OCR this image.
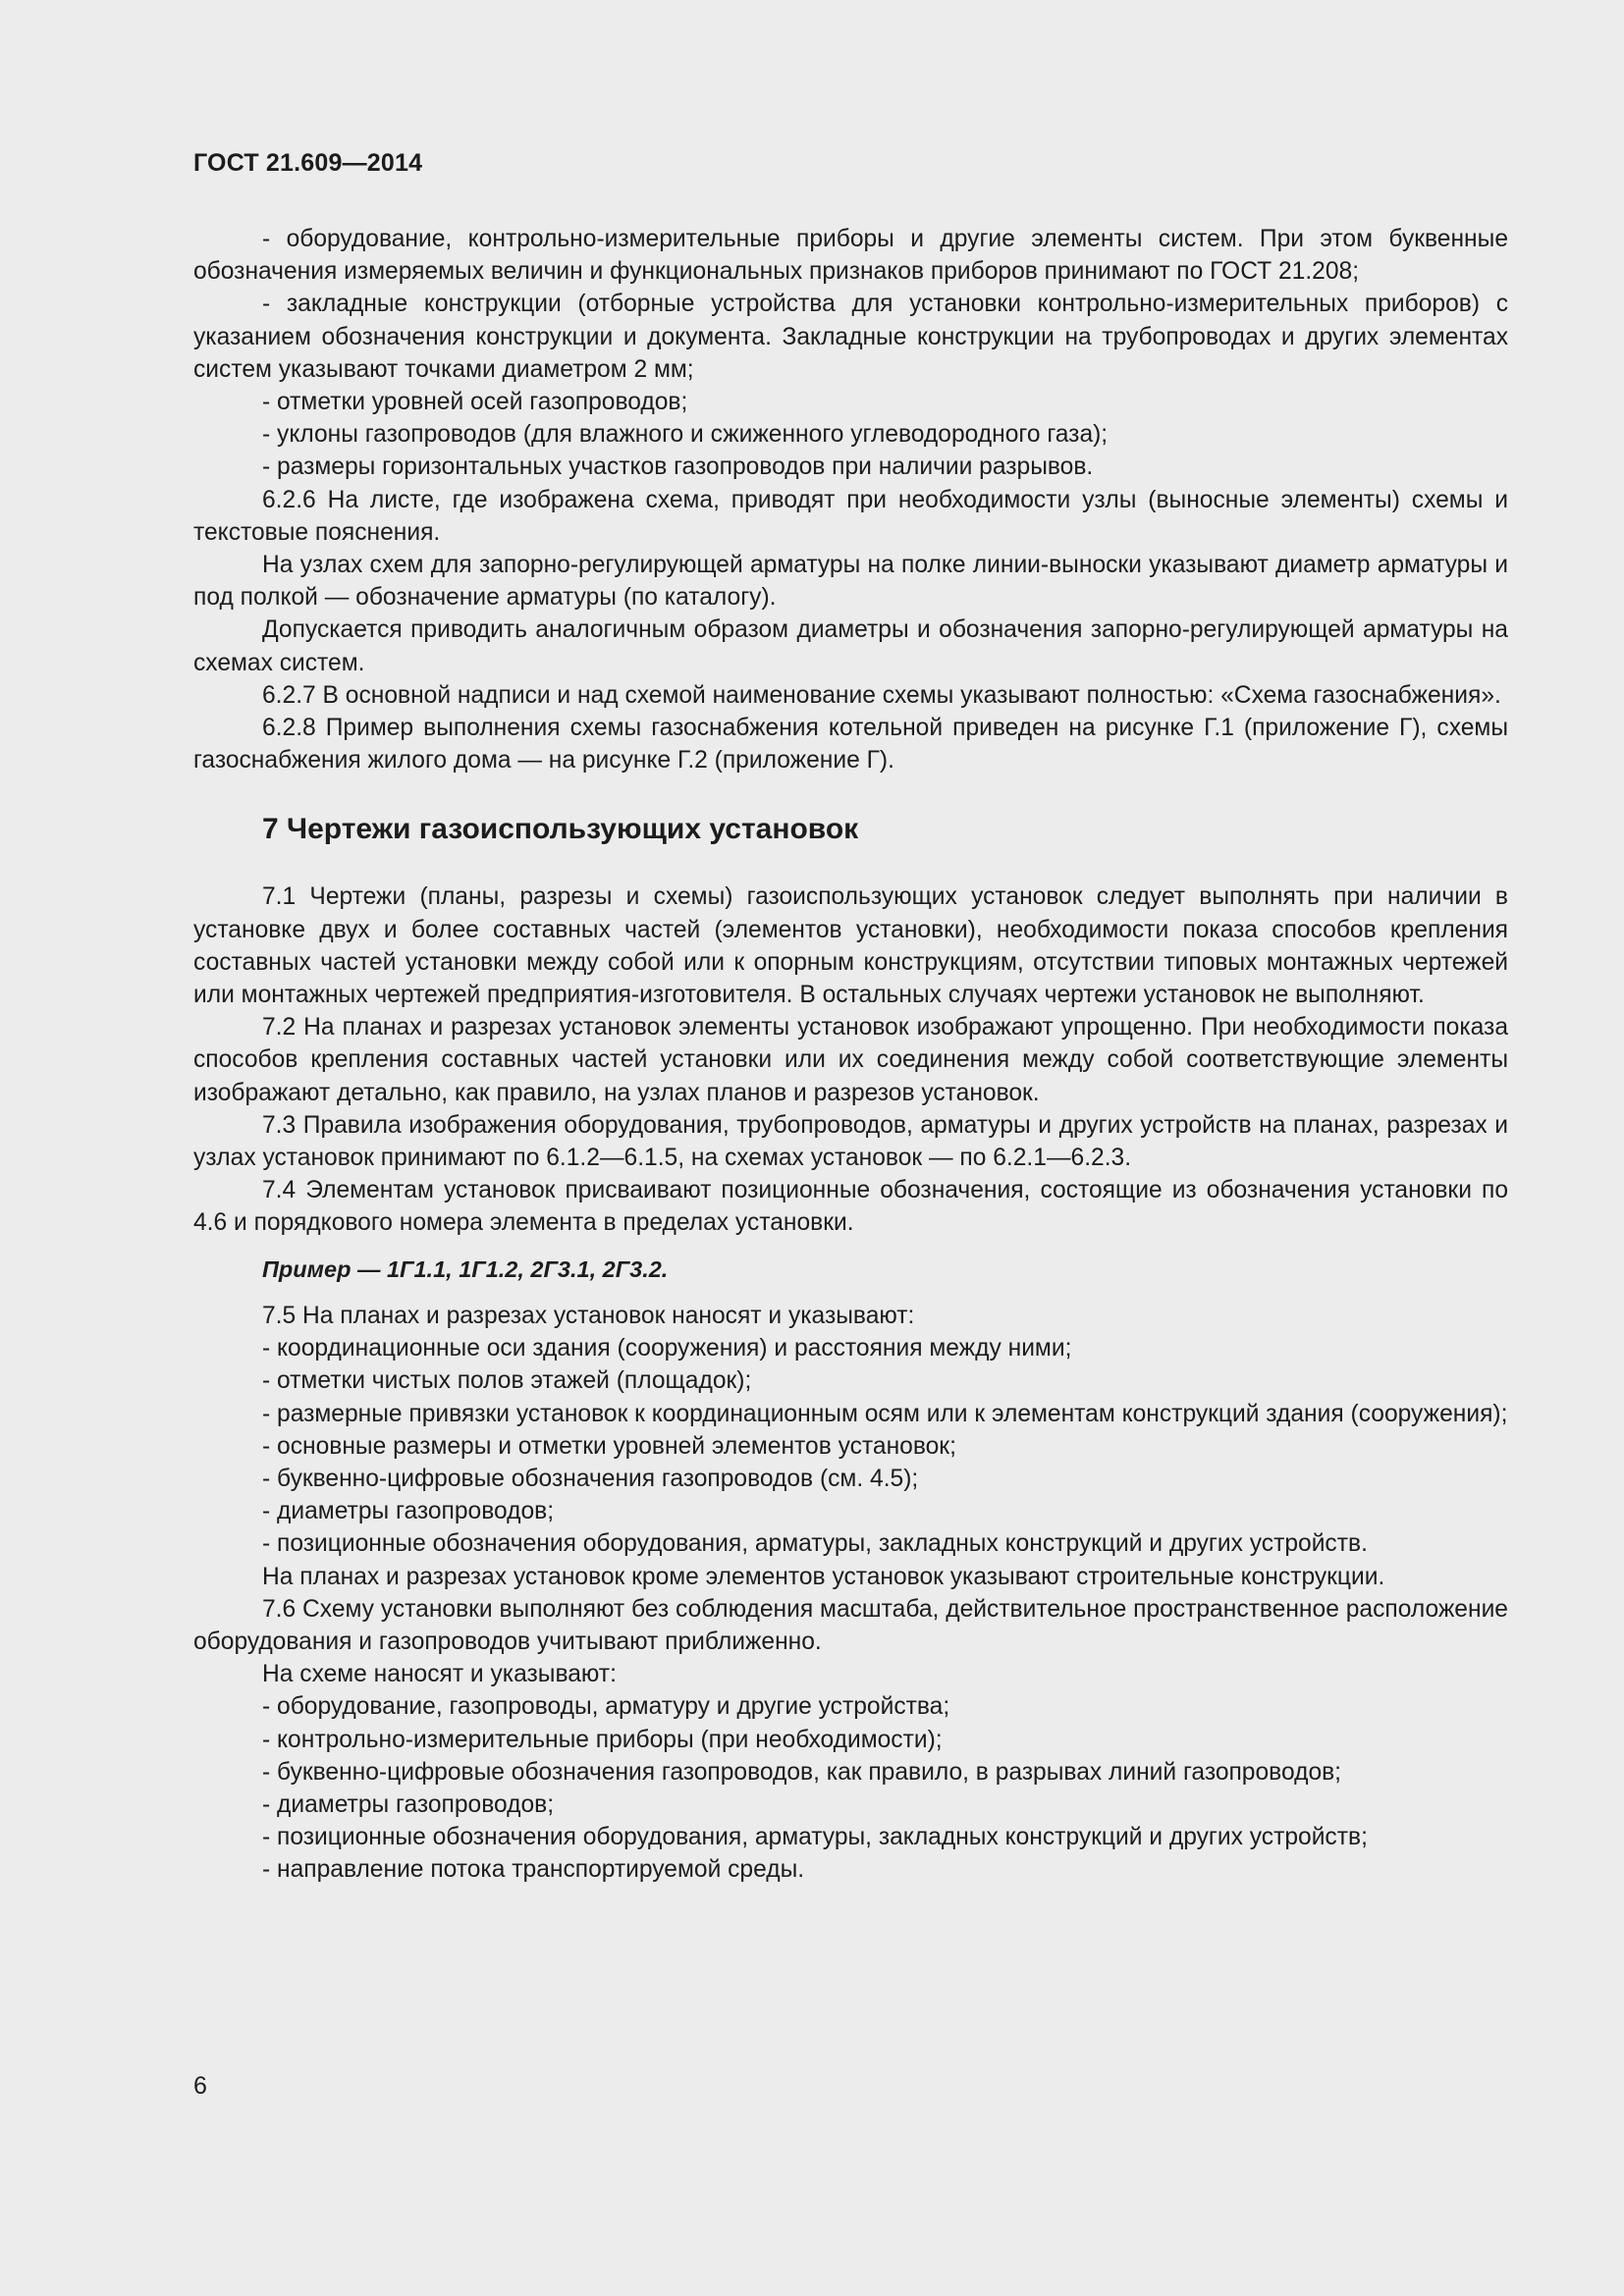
ГОСТ 21.609—2014

- оборудование, контрольно-измерительные приборы и другие элементы систем. При этом буквенные обозначения измеряемых величин и функциональных признаков приборов принимают по ГОСТ 21.208;

- закладные конструкции (отборные устройства для установки контрольно-измерительных приборов) с указанием обозначения конструкции и документа. Закладные конструкции на трубопроводах и других элементах систем указывают точками диаметром 2 мм;

- отметки уровней осей газопроводов;

- уклоны газопроводов (для влажного и сжиженного углеводородного газа);

- размеры горизонтальных участков газопроводов при наличии разрывов.

6.2.6 На листе, где изображена схема, приводят при необходимости узлы (выносные элементы) схемы и текстовые пояснения.

На узлах схем для запорно-регулирующей арматуры на полке линии-выноски указывают диаметр арматуры и под полкой — обозначение арматуры (по каталогу).

Допускается приводить аналогичным образом диаметры и обозначения запорно-регулирующей арматуры на схемах систем.

6.2.7 В основной надписи и над схемой наименование схемы указывают полностью: «Схема газоснабжения».

6.2.8 Пример выполнения схемы газоснабжения котельной приведен на рисунке Г.1 (приложение Г), схемы газоснабжения жилого дома — на рисунке Г.2 (приложение Г).

7 Чертежи газоиспользующих установок

7.1 Чертежи (планы, разрезы и схемы) газоиспользующих установок следует выполнять при наличии в установке двух и более составных частей (элементов установки), необходимости показа способов крепления составных частей установки между собой или к опорным конструкциям, отсутствии типовых монтажных чертежей или монтажных чертежей предприятия-изготовителя. В остальных случаях чертежи установок не выполняют.

7.2 На планах и разрезах установок элементы установок изображают упрощенно. При необходимости показа способов крепления составных частей установки или их соединения между собой соответствующие элементы изображают детально, как правило, на узлах планов и разрезов установок.

7.3 Правила изображения оборудования, трубопроводов, арматуры и других устройств на планах, разрезах и узлах установок принимают по 6.1.2—6.1.5, на схемах установок — по 6.2.1—6.2.3.

7.4 Элементам установок присваивают позиционные обозначения, состоящие из обозначения установки по 4.6 и порядкового номера элемента в пределах установки.

Пример — 1Г1.1, 1Г1.2, 2Г3.1, 2Г3.2.

7.5 На планах и разрезах установок наносят и указывают:

- координационные оси здания (сооружения) и расстояния между ними;

- отметки чистых полов этажей (площадок);

- размерные привязки установок к координационным осям или к элементам конструкций здания (сооружения);

- основные размеры и отметки уровней элементов установок;

- буквенно-цифровые обозначения газопроводов (см. 4.5);

- диаметры газопроводов;

- позиционные обозначения оборудования, арматуры, закладных конструкций и других устройств.

На планах и разрезах установок кроме элементов установок указывают строительные конструкции.

7.6 Схему установки выполняют без соблюдения масштаба, действительное пространственное расположение оборудования и газопроводов учитывают приближенно.

На схеме наносят и указывают:

- оборудование, газопроводы, арматуру и другие устройства;

- контрольно-измерительные приборы (при необходимости);

- буквенно-цифровые обозначения газопроводов, как правило, в разрывах линий газопроводов;

- диаметры газопроводов;

- позиционные обозначения оборудования, арматуры, закладных конструкций и других устройств;

- направление потока транспортируемой среды.

6
